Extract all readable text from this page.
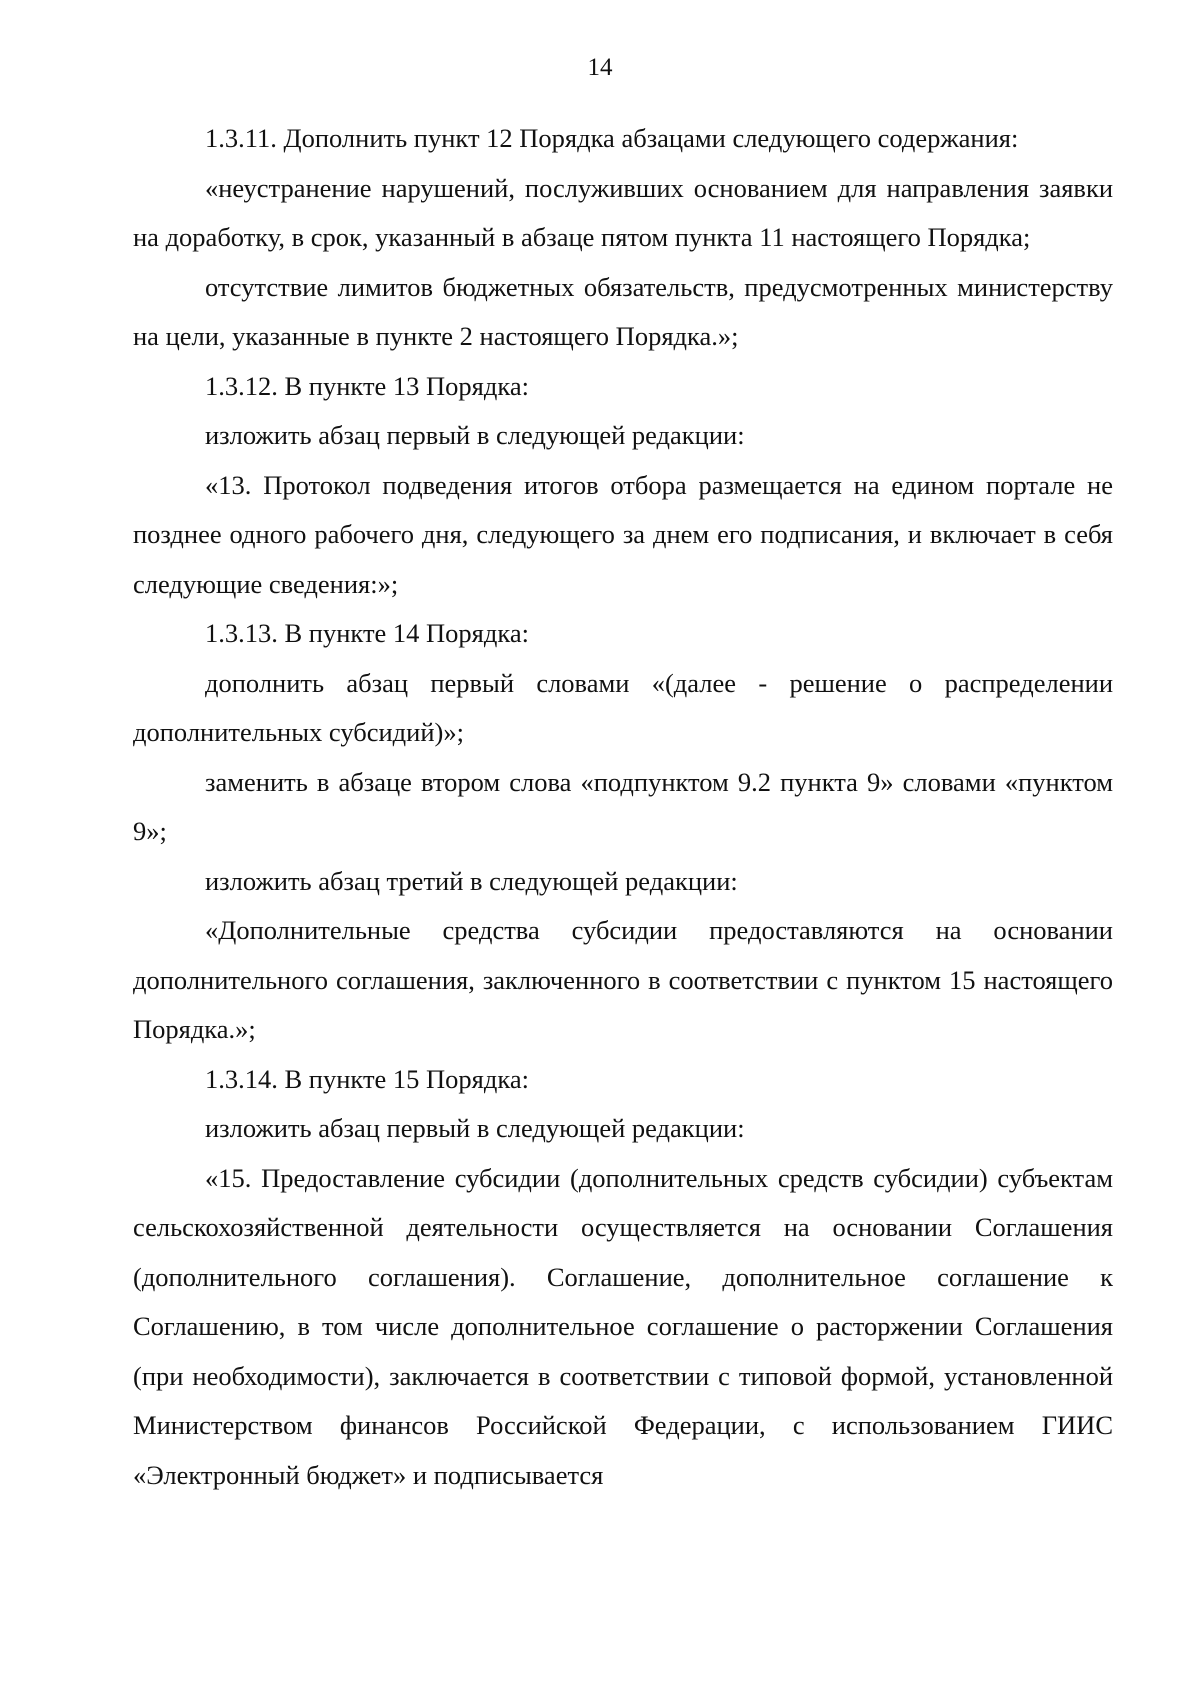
14

1.3.11. Дополнить пункт 12 Порядка абзацами следующего содержания:

«неустранение нарушений, послуживших основанием для направления заявки на доработку, в срок, указанный в абзаце пятом пункта 11 настоящего Порядка;

отсутствие лимитов бюджетных обязательств, предусмотренных министерству на цели, указанные в пункте 2 настоящего Порядка.»;

1.3.12. В пункте 13 Порядка:

изложить абзац первый в следующей редакции:

«13. Протокол подведения итогов отбора размещается на едином портале не позднее одного рабочего дня, следующего за днем его подписания, и включает в себя следующие сведения:»;

1.3.13. В пункте 14 Порядка:

дополнить абзац первый словами «(далее - решение о распределении дополнительных субсидий)»;

заменить в абзаце втором слова «подпунктом 9.2 пункта 9» словами «пунктом 9»;

изложить абзац третий в следующей редакции:

«Дополнительные средства субсидии предоставляются на основании дополнительного соглашения, заключенного в соответствии с пунктом 15 настоящего Порядка.»;

1.3.14. В пункте 15 Порядка:

изложить абзац первый в следующей редакции:

«15. Предоставление субсидии (дополнительных средств субсидии) субъектам сельскохозяйственной деятельности осуществляется на основании Соглашения (дополнительного соглашения). Соглашение, дополнительное соглашение к Соглашению, в том числе дополнительное соглашение о расторжении Соглашения (при необходимости), заключается в соответствии с типовой формой, установленной Министерством финансов Российской Федерации, с использованием ГИИС «Электронный бюджет» и подписывается
